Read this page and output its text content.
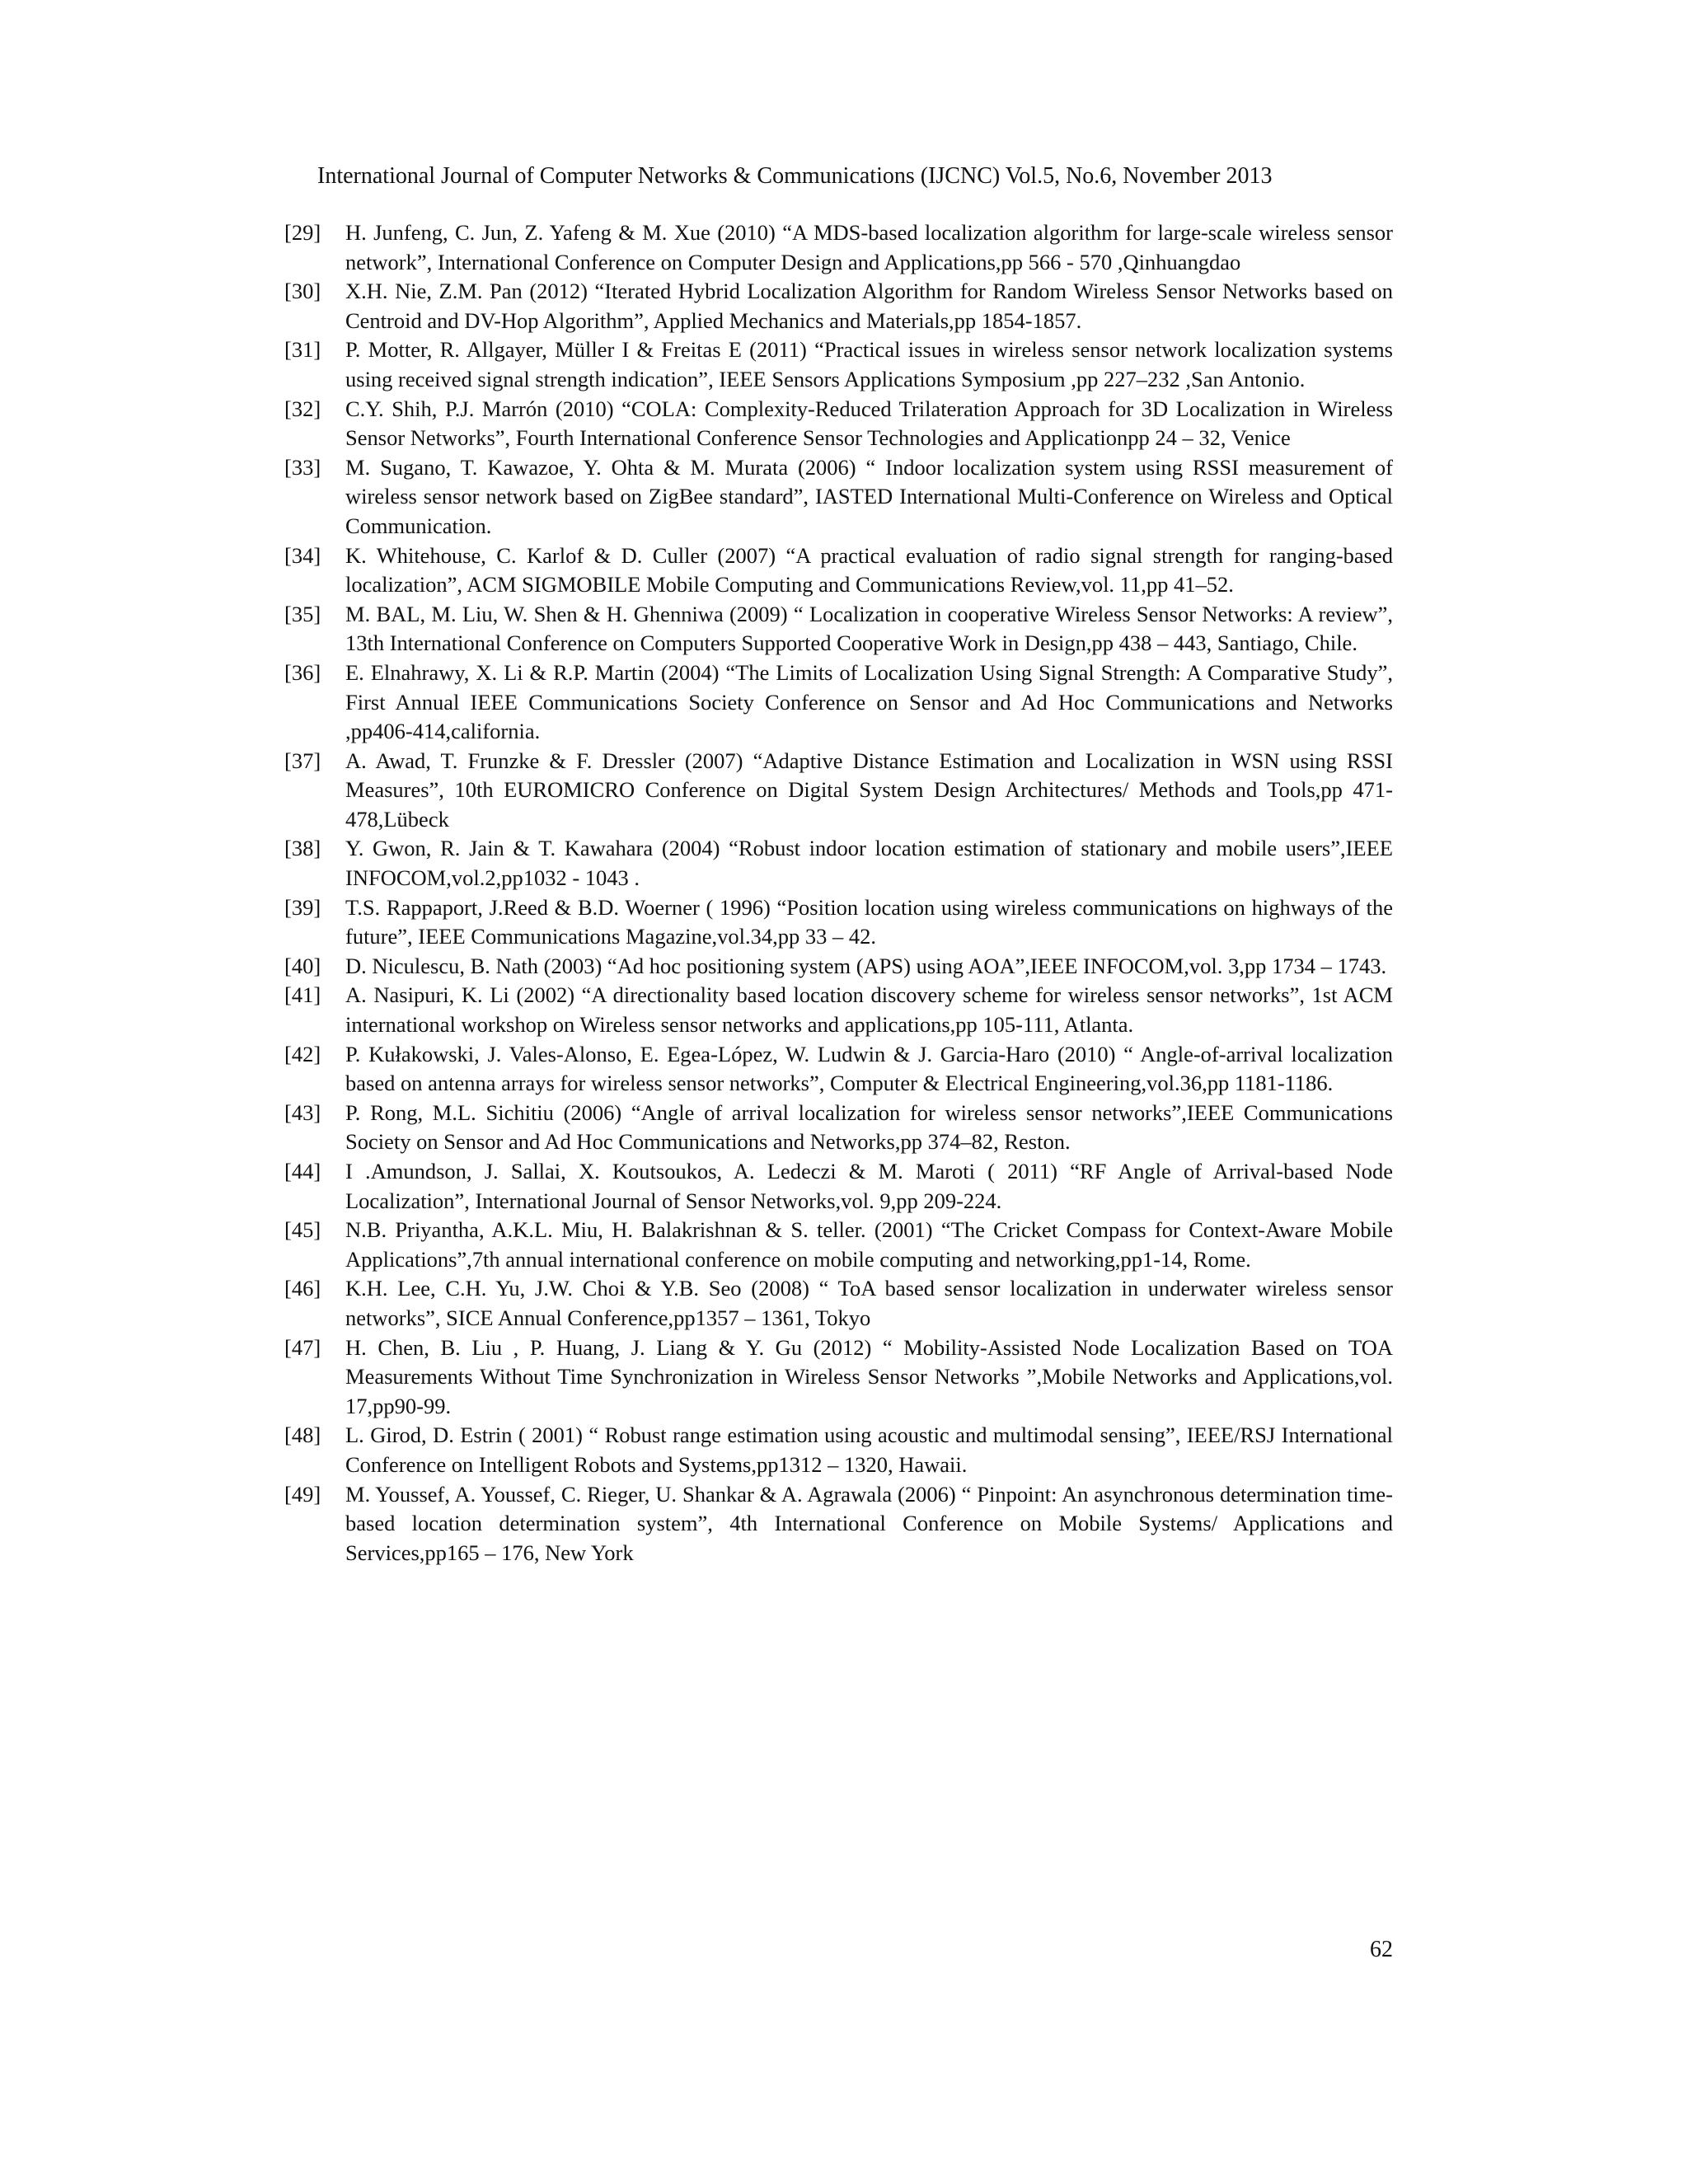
International Journal of Computer Networks & Communications (IJCNC) Vol.5, No.6, November 2013
[29]	H. Junfeng, C. Jun, Z. Yafeng & M. Xue (2010) “A MDS-based localization algorithm for large-scale wireless sensor network”, International Conference on Computer Design and Applications,pp 566 - 570 ,Qinhuangdao
[30]	X.H. Nie, Z.M. Pan (2012) “Iterated Hybrid Localization Algorithm for Random Wireless Sensor Networks based on Centroid and DV-Hop Algorithm”, Applied Mechanics and Materials,pp 1854-1857.
[31]	P. Motter, R. Allgayer, Müller I & Freitas E (2011) “Practical issues in wireless sensor network localization systems using received signal strength indication”, IEEE Sensors Applications Symposium ,pp 227–232 ,San Antonio.
[32]	C.Y. Shih, P.J. Marrón (2010) “COLA: Complexity-Reduced Trilateration Approach for 3D Localization in Wireless Sensor Networks”, Fourth International Conference Sensor Technologies and Applicationpp 24 – 32, Venice
[33]	M. Sugano, T. Kawazoe, Y. Ohta & M. Murata (2006) “ Indoor localization system using RSSI measurement of wireless sensor network based on ZigBee standard”, IASTED International Multi-Conference on Wireless and Optical Communication.
[34]	K. Whitehouse, C. Karlof & D. Culler (2007) “A practical evaluation of radio signal strength for ranging-based localization”, ACM SIGMOBILE Mobile Computing and Communications Review,vol. 11,pp 41–52.
[35]	M. BAL, M. Liu, W. Shen & H. Ghenniwa (2009) “ Localization in cooperative Wireless Sensor Networks: A review”, 13th International Conference on Computers Supported Cooperative Work in Design,pp 438 – 443, Santiago, Chile.
[36]	E. Elnahrawy, X. Li & R.P. Martin (2004) “The Limits of Localization Using Signal Strength: A Comparative Study”, First Annual IEEE Communications Society Conference on Sensor and Ad Hoc Communications and Networks ,pp406-414,california.
[37]	A. Awad, T. Frunzke & F. Dressler (2007) “Adaptive Distance Estimation and Localization in WSN using RSSI Measures”, 10th EUROMICRO Conference on Digital System Design Architectures/ Methods and Tools,pp 471-478,Lübeck
[38]	Y. Gwon, R. Jain & T. Kawahara (2004) “Robust indoor location estimation of stationary and mobile users”,IEEE INFOCOM,vol.2,pp1032 - 1043 .
[39]	T.S. Rappaport, J.Reed & B.D. Woerner ( 1996) “Position location using wireless communications on highways of the future”, IEEE Communications Magazine,vol.34,pp 33 – 42.
[40]	D. Niculescu, B. Nath (2003) “Ad hoc positioning system (APS) using AOA”,IEEE INFOCOM,vol. 3,pp 1734 – 1743.
[41]	A. Nasipuri, K. Li (2002) “A directionality based location discovery scheme for wireless sensor networks”, 1st ACM international workshop on Wireless sensor networks and applications,pp 105-111, Atlanta.
[42]	P. Kułakowski, J. Vales-Alonso, E. Egea-López, W. Ludwin & J. Garcia-Haro (2010) “ Angle-of-arrival localization based on antenna arrays for wireless sensor networks”, Computer & Electrical Engineering,vol.36,pp 1181-1186.
[43]	P. Rong, M.L. Sichitiu (2006) “Angle of arrival localization for wireless sensor networks”,IEEE Communications Society on Sensor and Ad Hoc Communications and Networks,pp 374–82, Reston.
[44]	I .Amundson, J. Sallai, X. Koutsoukos, A. Ledeczi & M. Maroti ( 2011) “RF Angle of Arrival-based Node Localization”, International Journal of Sensor Networks,vol. 9,pp 209-224.
[45]	N.B. Priyantha, A.K.L. Miu, H. Balakrishnan & S. teller. (2001) “The Cricket Compass for Context-Aware Mobile Applications”,7th annual international conference on mobile computing and networking,pp1-14, Rome.
[46]	K.H. Lee, C.H. Yu, J.W. Choi & Y.B. Seo (2008) “ ToA based sensor localization in underwater wireless sensor networks”, SICE Annual Conference,pp1357 – 1361, Tokyo
[47]	H. Chen, B. Liu , P. Huang, J. Liang & Y. Gu (2012) “ Mobility-Assisted Node Localization Based on TOA Measurements Without Time Synchronization in Wireless Sensor Networks ”,Mobile Networks and Applications,vol. 17,pp90-99.
[48]	L. Girod, D. Estrin ( 2001) “ Robust range estimation using acoustic and multimodal sensing”, IEEE/RSJ International Conference on Intelligent Robots and Systems,pp1312 – 1320, Hawaii.
[49]	M. Youssef, A. Youssef, C. Rieger, U. Shankar & A. Agrawala (2006) “ Pinpoint: An asynchronous determination time-based location determination system”, 4th International Conference on Mobile Systems/ Applications and Services,pp165 – 176, New York
62
